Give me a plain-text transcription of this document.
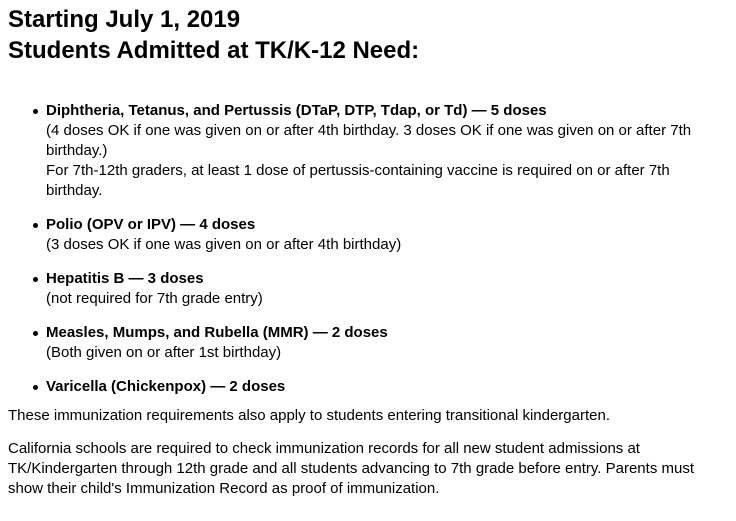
Starting July 1, 2019
Students Admitted at TK/K-12 Need:
Diphtheria, Tetanus, and Pertussis (DTaP, DTP, Tdap, or Td) — 5 doses
(4 doses OK if one was given on or after 4th birthday. 3 doses OK if one was given on or after 7th birthday.)
For 7th-12th graders, at least 1 dose of pertussis-containing vaccine is required on or after 7th birthday.
Polio (OPV or IPV) — 4 doses
(3 doses OK if one was given on or after 4th birthday)
Hepatitis B — 3 doses
(not required for 7th grade entry)
Measles, Mumps, and Rubella (MMR) — 2 doses
(Both given on or after 1st birthday)
Varicella (Chickenpox) — 2 doses

These immunization requirements also apply to students entering transitional kindergarten.

California schools are required to check immunization records for all new student admissions at TK/Kindergarten through 12th grade and all students advancing to 7th grade before entry. Parents must show their child's Immunization Record as proof of immunization.
